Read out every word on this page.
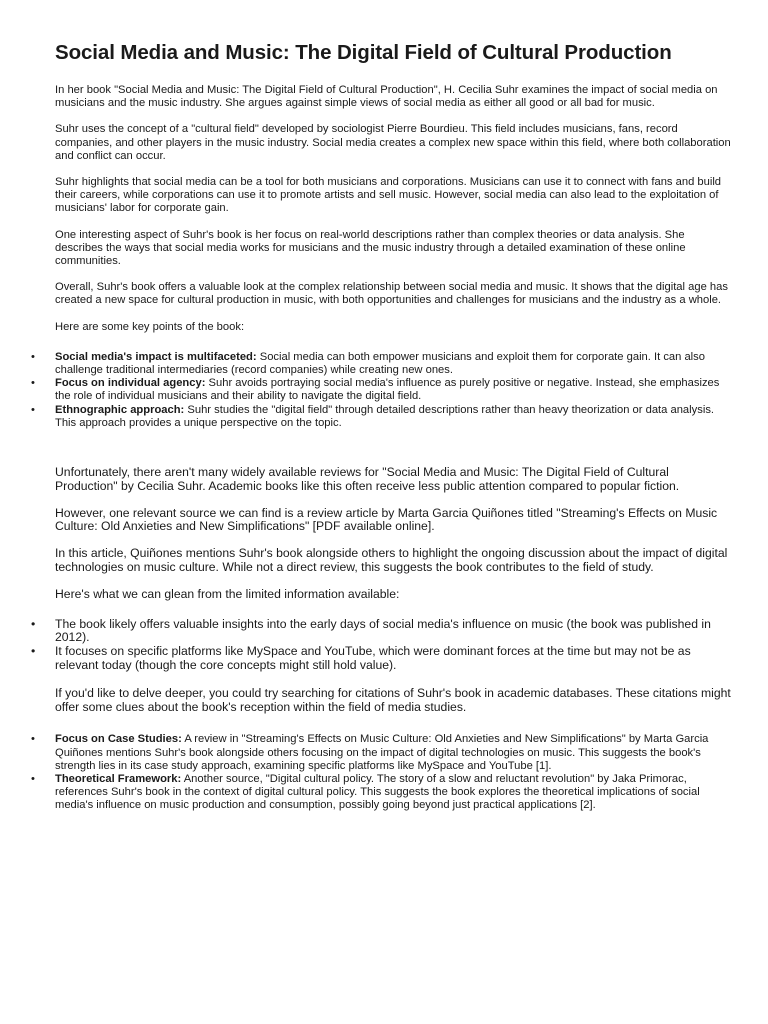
Social Media and Music: The Digital Field of Cultural Production

In her book "Social Media and Music: The Digital Field of Cultural Production", H. Cecilia Suhr examines the impact of social media on musicians and the music industry. She argues against simple views of social media as either all good or all bad for music.

Suhr uses the concept of a "cultural field" developed by sociologist Pierre Bourdieu. This field includes musicians, fans, record companies, and other players in the music industry. Social media creates a complex new space within this field, where both collaboration and conflict can occur.

Suhr highlights that social media can be a tool for both musicians and corporations. Musicians can use it to connect with fans and build their careers, while corporations can use it to promote artists and sell music. However, social media can also lead to the exploitation of musicians' labor for corporate gain.

One interesting aspect of Suhr's book is her focus on real-world descriptions rather than complex theories or data analysis. She describes the ways that social media works for musicians and the music industry through a detailed examination of these online communities.

Overall, Suhr's book offers a valuable look at the complex relationship between social media and music. It shows that the digital age has created a new space for cultural production in music, with both opportunities and challenges for musicians and the industry as a whole.

Here are some key points of the book:

• Social media's impact is multifaceted: Social media can both empower musicians and exploit them for corporate gain. It can also challenge traditional intermediaries (record companies) while creating new ones.
• Focus on individual agency: Suhr avoids portraying social media's influence as purely positive or negative. Instead, she emphasizes the role of individual musicians and their ability to navigate the digital field.
• Ethnographic approach: Suhr studies the "digital field" through detailed descriptions rather than heavy theorization or data analysis. This approach provides a unique perspective on the topic.

Unfortunately, there aren't many widely available reviews for "Social Media and Music: The Digital Field of Cultural Production" by Cecilia Suhr. Academic books like this often receive less public attention compared to popular fiction.

However, one relevant source we can find is a review article by Marta Garcia Quiñones titled "Streaming's Effects on Music Culture: Old Anxieties and New Simplifications" [PDF available online].

In this article, Quiñones mentions Suhr's book alongside others to highlight the ongoing discussion about the impact of digital technologies on music culture. While not a direct review, this suggests the book contributes to the field of study.

Here's what we can glean from the limited information available:

• The book likely offers valuable insights into the early days of social media's influence on music (the book was published in 2012).
• It focuses on specific platforms like MySpace and YouTube, which were dominant forces at the time but may not be as relevant today (though the core concepts might still hold value).

If you'd like to delve deeper, you could try searching for citations of Suhr's book in academic databases. These citations might offer some clues about the book's reception within the field of media studies.

• Focus on Case Studies: A review in "Streaming's Effects on Music Culture: Old Anxieties and New Simplifications" by Marta Garcia Quiñones mentions Suhr's book alongside others focusing on the impact of digital technologies on music. This suggests the book's strength lies in its case study approach, examining specific platforms like MySpace and YouTube [1].
• Theoretical Framework: Another source, "Digital cultural policy. The story of a slow and reluctant revolution" by Jaka Primorac, references Suhr's book in the context of digital cultural policy. This suggests the book explores the theoretical implications of social media's influence on music production and consumption, possibly going beyond just practical applications [2].
